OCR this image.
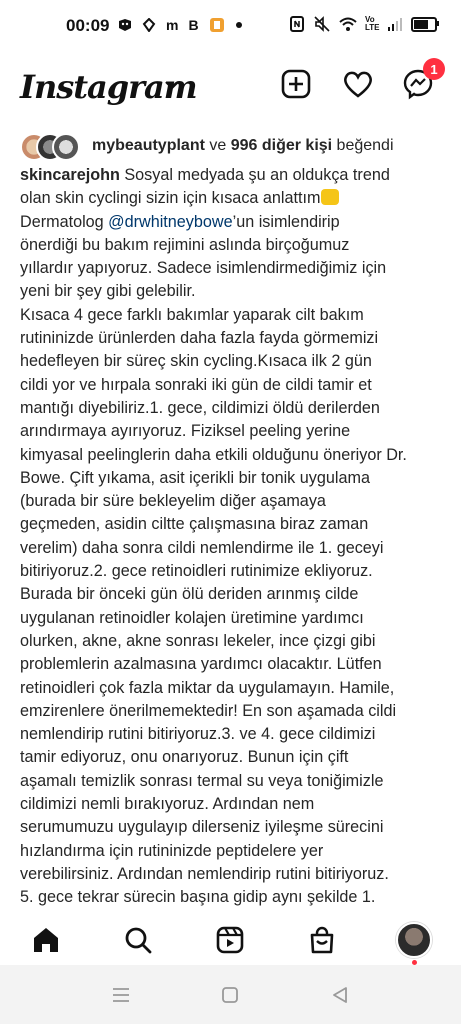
00:09	m B	Vo LTE
Instagram	1
mybeautyplant ve 996 diğer kişi beğendi
skincarejohn Sosyal medyada şu an oldukça trend
olan skin cyclingi sizin için kısaca anlattım
Dermatolog @drwhitneybowe’un isimlendirip
önerdiği bu bakım rejimini aslında birçoğumuz
yıllardır yapıyoruz. Sadece isimlendirmediğimiz için
yeni bir şey gibi gelebilir.
Kısaca 4 gece farklı bakımlar yaparak cilt bakım
rutininizde ürünlerden daha fazla fayda görmemizi
hedefleyen bir süreç skin cycling.Kısaca ilk 2 gün
cildi yor ve hırpala sonraki iki gün de cildi tamir et
mantığı diyebiliriz.1. gece, cildimizi öldü derilerden
arındırmaya ayırıyoruz. Fiziksel peeling yerine
kimyasal peelinglerin daha etkili olduğunu öneriyor Dr.
Bowe. Çift yıkama, asit içerikli bir tonik uygulama
(burada bir süre bekleyelim diğer aşamaya
geçmeden, asidin ciltte çalışmasına biraz zaman
verelim) daha sonra cildi nemlendirme ile 1. geceyi
bitiriyoruz.2. gece retinoidleri rutinimize ekliyoruz.
Burada bir önceki gün ölü deriden arınmış cilde
uygulanan retinoidler kolajen üretimine yardımcı
olurken, akne, akne sonrası lekeler, ince çizgi gibi
problemlerin azalmasına yardımcı olacaktır. Lütfen
retinoidleri çok fazla miktar da uygulamayın. Hamile,
emzirenlere önerilmemektedir! En son aşamada cildi
nemlendirip rutini bitiriyoruz.3. ve 4. gece cildimizi
tamir ediyoruz, onu onarıyoruz. Bunun için çift
aşamalı temizlik sonrası termal su veya toniğimizle
cildimizi nemli bırakıyoruz. Ardından nem
serumumuzu uygulayıp dilerseniz iyileşme sürecini
hızlandırma için rutininizde peptidelere yer
verebilirsiniz. Ardından nemlendirip rutini bitiriyoruz.
5. gece tekrar sürecin başına gidip aynı şekilde 1.
